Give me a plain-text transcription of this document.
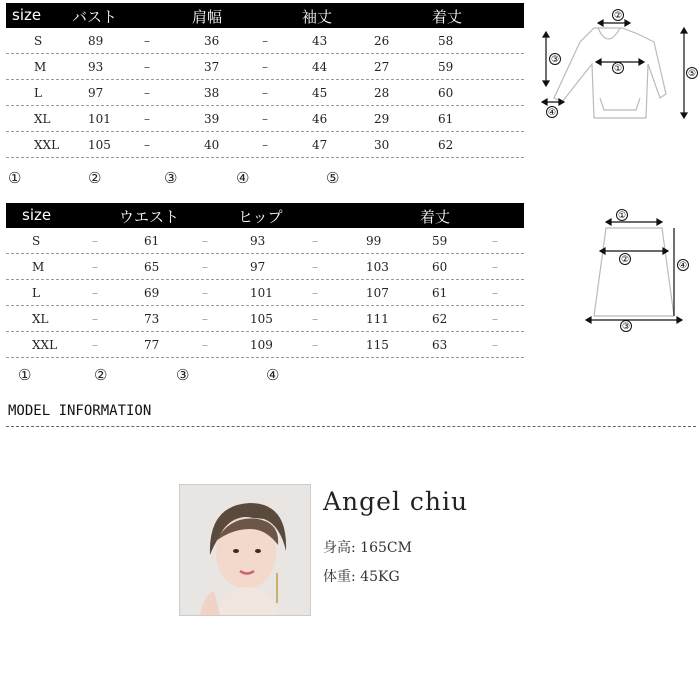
size バスト	肩幅	袖丈	着丈
S	89	–	36	–	43	26	58
M	93	–	37	–	44	27	59
L	97	–	38	–	45	28	60
XL	101	–	39	–	46	29	61
XXL 105	–	40	–	47	30	62
①	②	③	④	⑤
②
①
③
④
⑤
size	ウエスト	ヒップ	着丈
S	–	61	–	93	–	99	59	–
M	–	65	–	97	–	103	60	–
L	–	69	–	101	–	107	61	–
XL	–	73	–	105	–	111	62	–
XXL	–	77	–	109	–	115	63	–
①	②	③	④
①
②
③
④
MODEL INFORMATION
Angel chiu
身高: 165CM
体重: 45KG
